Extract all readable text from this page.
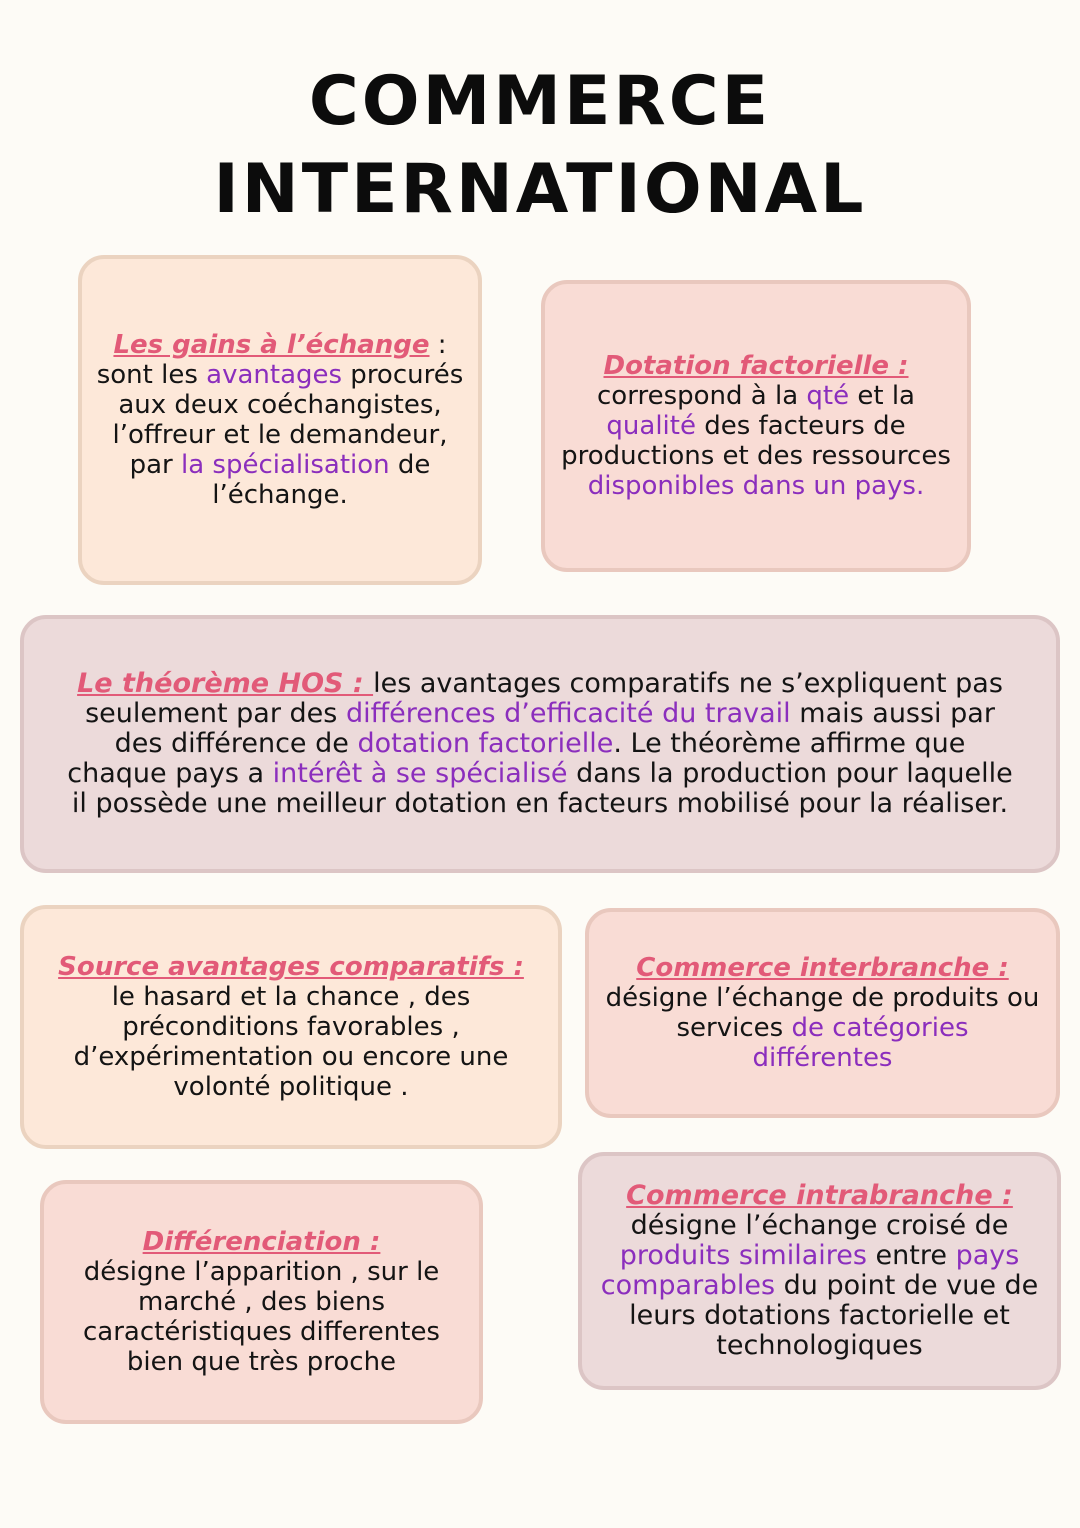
COMMERCE
INTERNATIONAL

Les gains à l’échange :
sont les avantages procurés aux deux coéchangistes, l’offreur et le demandeur, par la spécialisation de l’échange.

Dotation factorielle :
correspond à la qté et la qualité des facteurs de productions et des ressources disponibles dans un pays.

Le théorème HOS : les avantages comparatifs ne s’expliquent pas seulement par des différences d’efficacité du travail mais aussi par des différence de dotation factorielle. Le théorème affirme que chaque pays a intérêt à se spécialisé dans la production pour laquelle il possède une meilleur dotation en facteurs mobilisé pour la réaliser.

Source avantages comparatifs :
le hasard et la chance , des préconditions favorables , d’expérimentation ou encore une volonté politique .

Commerce interbranche :
désigne l’échange de produits ou services de catégories différentes

Différenciation :
désigne l’apparition , sur le marché , des biens caractéristiques differentes bien que très proche

Commerce intrabranche :
désigne l’échange croisé de produits similaires entre pays comparables du point de vue de leurs dotations factorielle et technologiques
